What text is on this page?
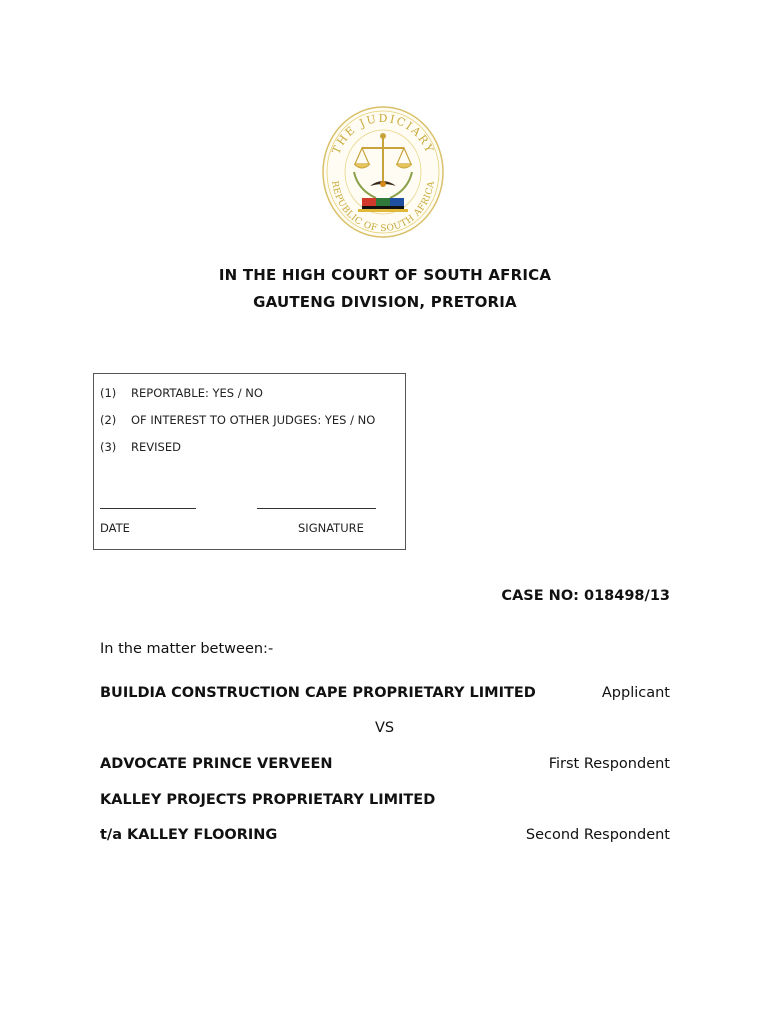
THE JUDICIARY
REPUBLIC OF SOUTH AFRICA
IN THE HIGH COURT OF SOUTH AFRICA
GAUTENG DIVISION, PRETORIA
(1) REPORTABLE: YES / NO
(2) OF INTEREST TO OTHER JUDGES: YES / NO
(3) REVISED
DATE	SIGNATURE
CASE NO: 018498/13
In the matter between:-
BUILDIA CONSTRUCTION CAPE PROPRIETARY LIMITED	Applicant
VS
ADVOCATE PRINCE VERVEEN	First Respondent
KALLEY PROJECTS PROPRIETARY LIMITED
t/a KALLEY FLOORING	Second Respondent
